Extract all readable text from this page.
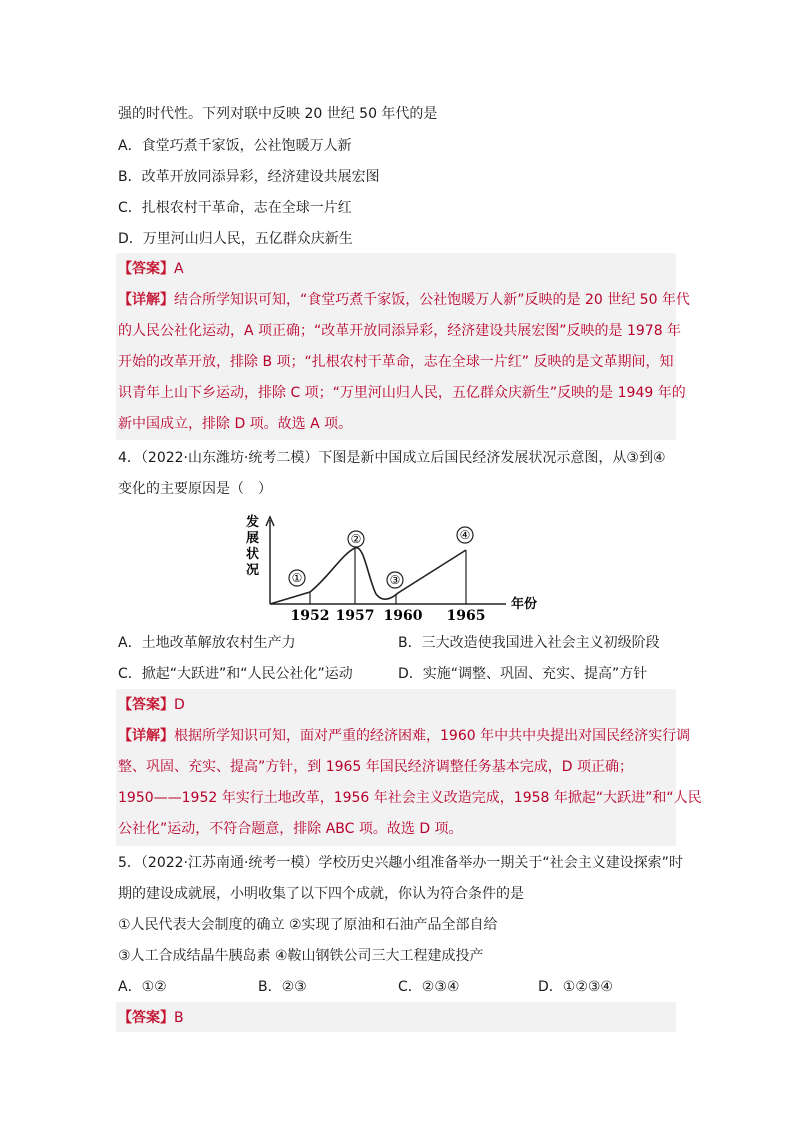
强的时代性。下列对联中反映 20 世纪 50 年代的是
A．食堂巧煮千家饭，公社饱暖万人新
B．改革开放同添异彩，经济建设共展宏图
C．扎根农村干革命，志在全球一片红
D．万里河山归人民，五亿群众庆新生
【答案】A
【详解】结合所学知识可知，“食堂巧煮千家饭，公社饱暖万人新”反映的是 20 世纪 50 年代
的人民公社化运动，A 项正确；“改革开放同添异彩，经济建设共展宏图”反映的是 1978 年
开始的改革开放，排除 B 项；“扎根农村干革命，志在全球一片红” 反映的是文革期间，知
识青年上山下乡运动，排除 C 项；“万里河山归人民，五亿群众庆新生”反映的是 1949 年的
新中国成立，排除 D 项。故选 A 项。
4．（2022·山东潍坊·统考二模）下图是新中国成立后国民经济发展状况示意图，从③到④
变化的主要原因是（　）
发
展
状
况	①
②
③
④
1952 1957 1960 1965
年份
A．土地改革解放农村生产力	B．三大改造使我国进入社会主义初级阶段
C．掀起“大跃进”和“人民公社化”运动	D．实施“调整、巩固、充实、提高”方针
【答案】D
【详解】根据所学知识可知，面对严重的经济困难，1960 年中共中央提出对国民经济实行调
整、巩固、充实、提高”方针，到 1965 年国民经济调整任务基本完成，D 项正确；
1950——1952 年实行土地改革，1956 年社会主义改造完成，1958 年掀起“大跃进”和“人民
公社化”运动，不符合题意，排除 ABC 项。故选 D 项。
5．（2022·江苏南通·统考一模）学校历史兴趣小组准备举办一期关于“社会主义建设探索”时
期的建设成就展，小明收集了以下四个成就，你认为符合条件的是
①人民代表大会制度的确立 ②实现了原油和石油产品全部自给
③人工合成结晶牛胰岛素 ④鞍山钢铁公司三大工程建成投产
A．①②	B．②③	C．②③④	D．①②③④
【答案】B
